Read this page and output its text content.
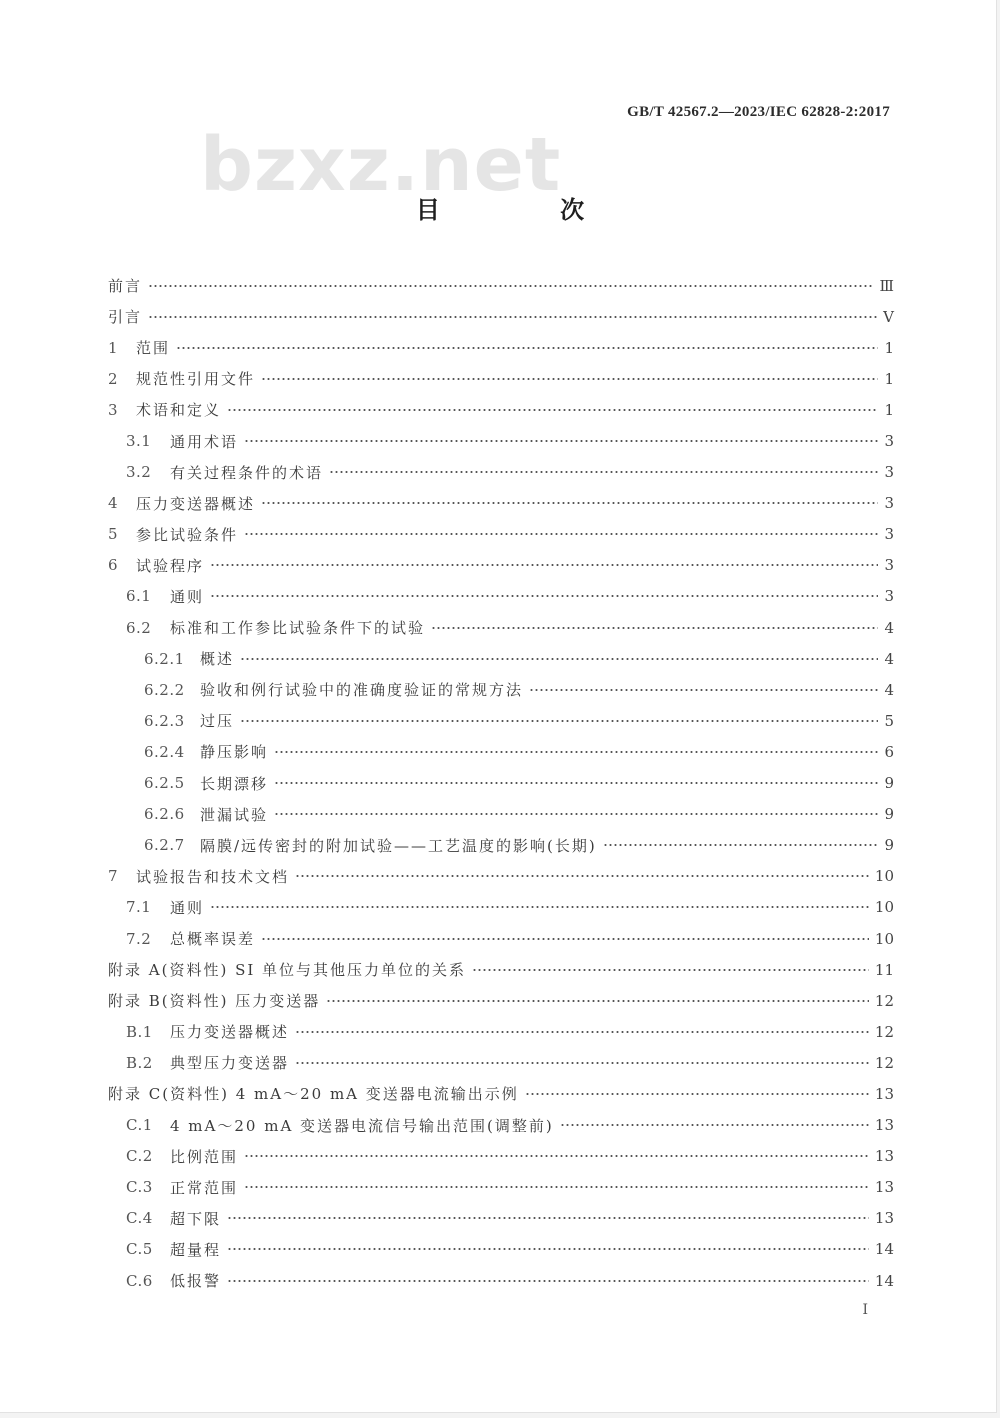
bzxz.net
GB/T 42567.2—2023/IEC 62828-2:2017
目 次
前言	Ⅲ
引言	Ⅴ
1	范围	1
2	规范性引用文件	1
3	术语和定义	1
3.1	通用术语	3
3.2	有关过程条件的术语	3
4	压力变送器概述	3
5	参比试验条件	3
6	试验程序	3
6.1	通则	3
6.2	标准和工作参比试验条件下的试验	4
6.2.1	概述	4
6.2.2	验收和例行试验中的准确度验证的常规方法	4
6.2.3	过压	5
6.2.4	静压影响	6
6.2.5	长期漂移	9
6.2.6	泄漏试验	9
6.2.7	隔膜/远传密封的附加试验——工艺温度的影响(长期)	9
7	试验报告和技术文档	10
7.1	通则	10
7.2	总概率误差	10
附录 A(资料性) SI 单位与其他压力单位的关系	11
附录 B(资料性) 压力变送器	12
B.1	压力变送器概述	12
B.2	典型压力变送器	12
附录 C(资料性) 4 mA～20 mA 变送器电流输出示例	13
C.1	4 mA～20 mA 变送器电流信号输出范围(调整前)	13
C.2	比例范围	13
C.3	正常范围	13
C.4	超下限	13
C.5	超量程	14
C.6	低报警	14
I
